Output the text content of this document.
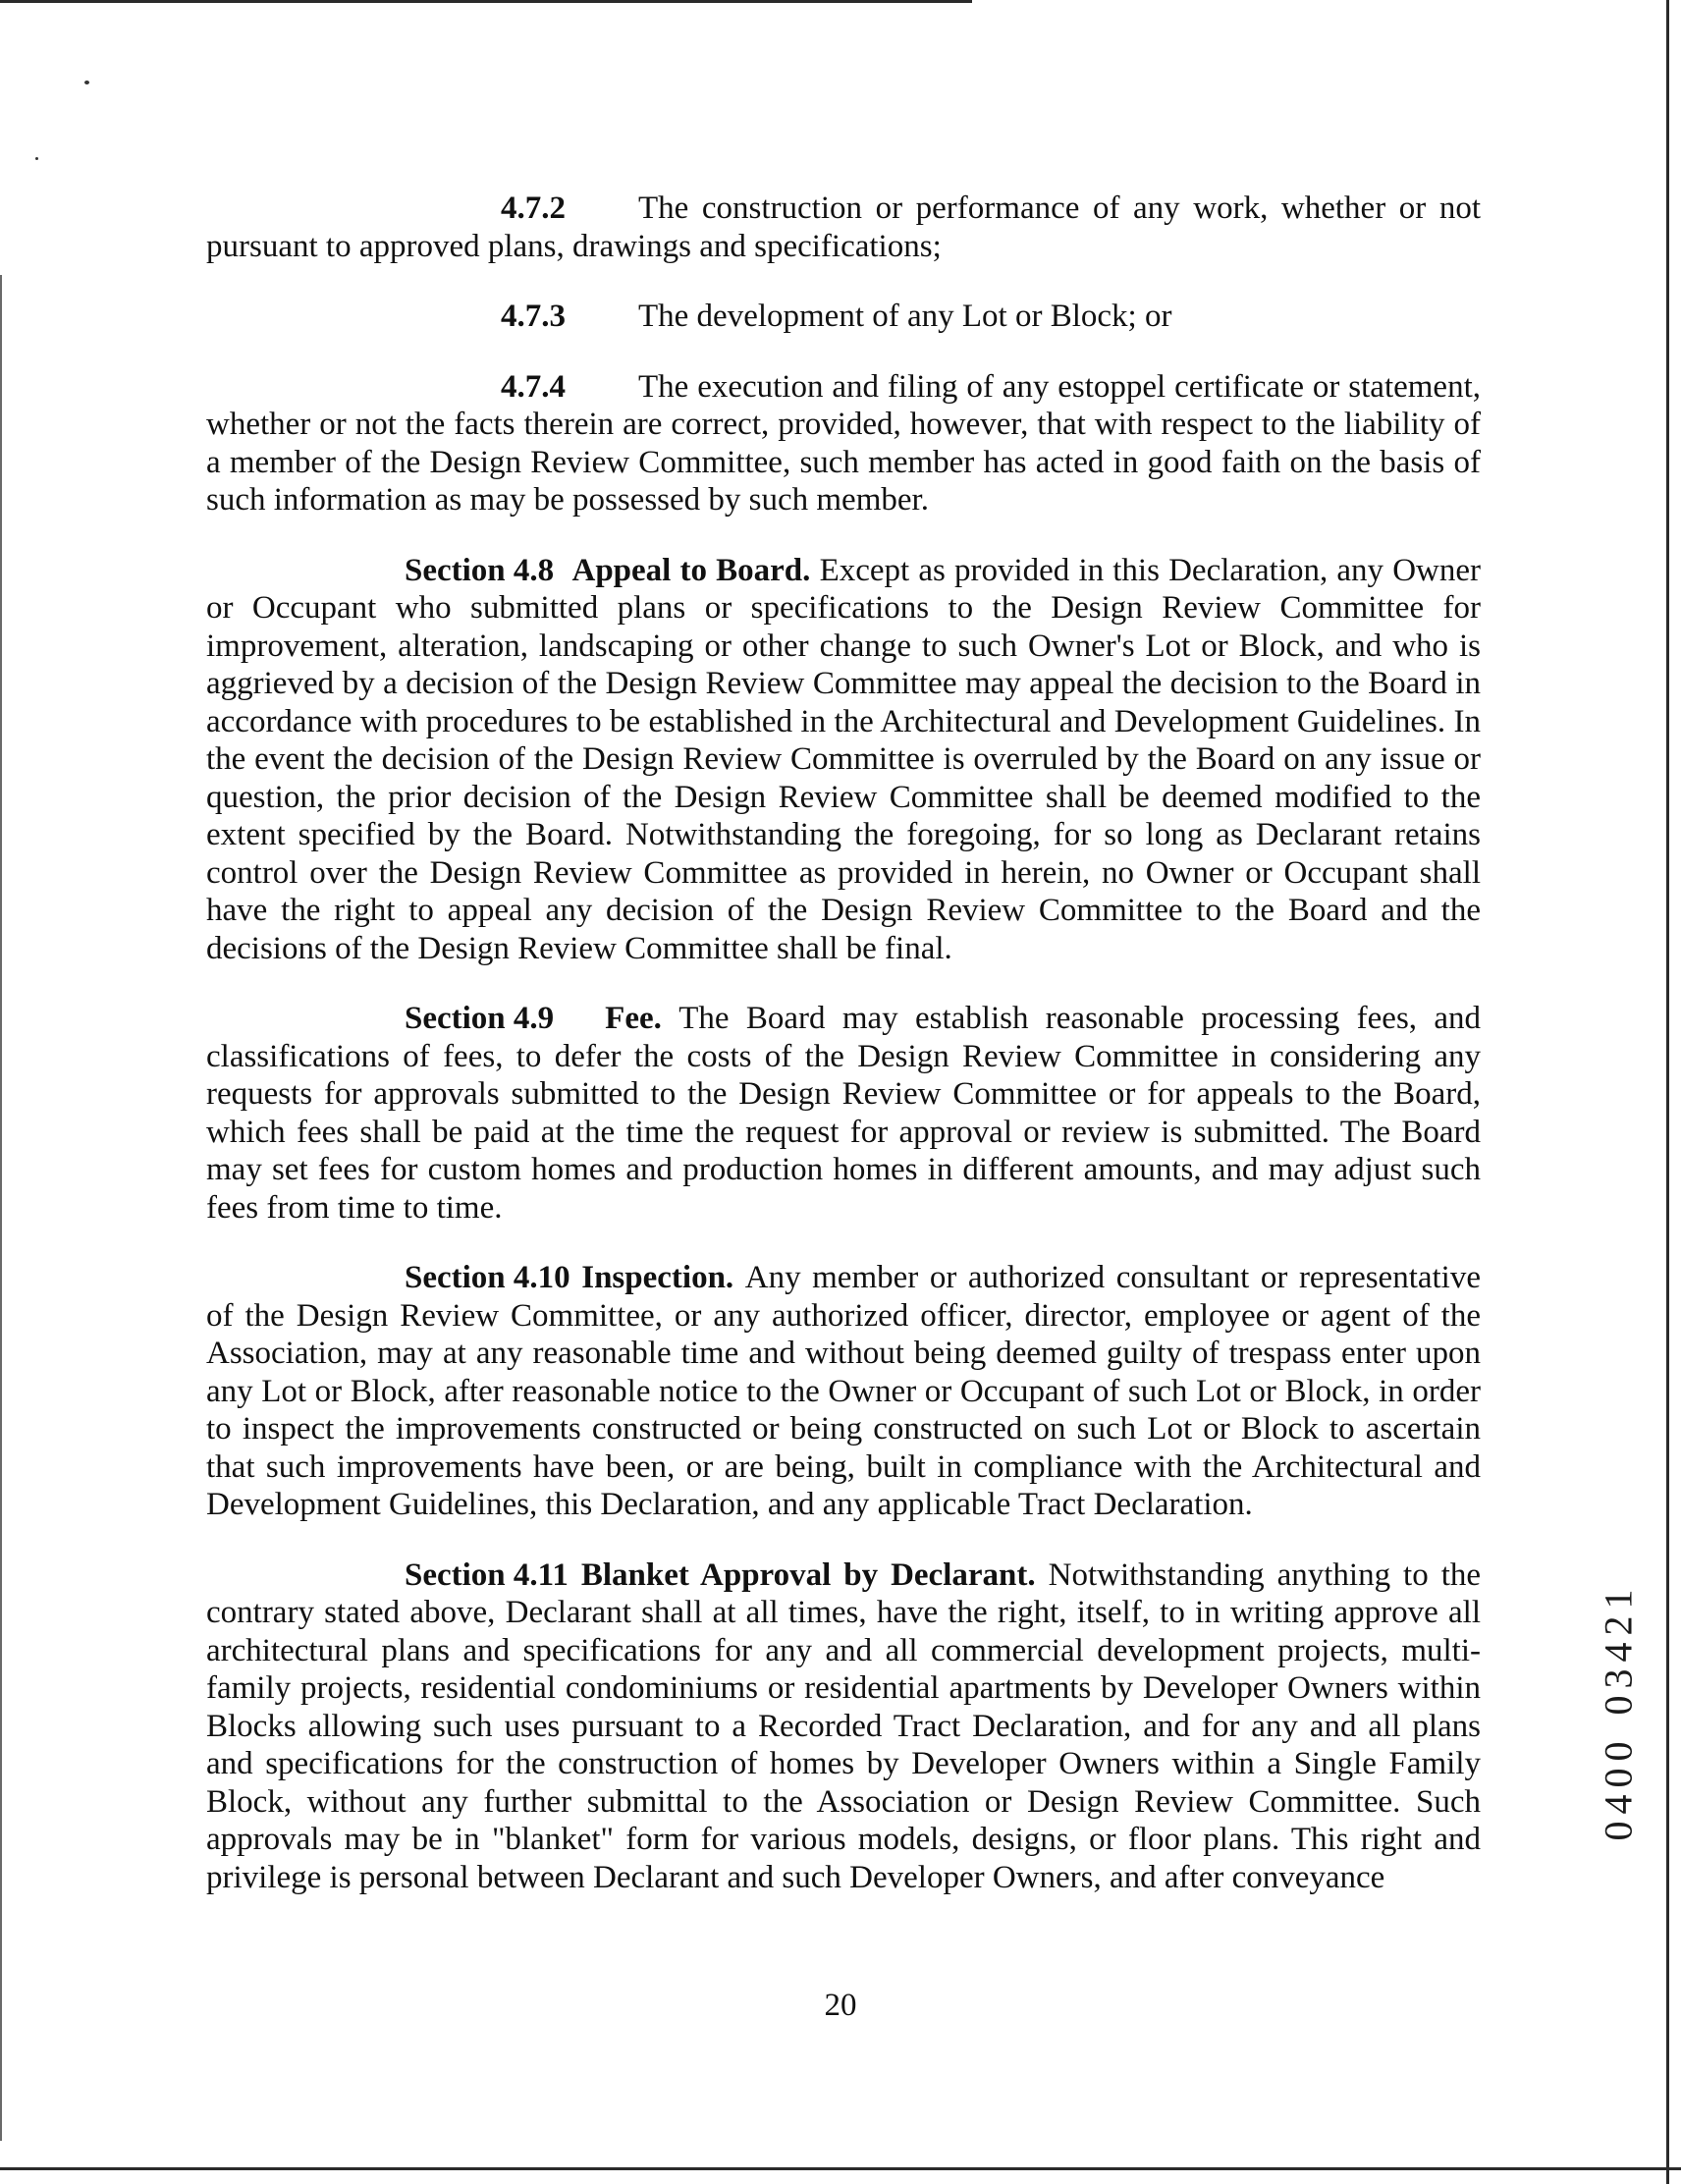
4.7.2 The construction or performance of any work, whether or not pursuant to approved plans, drawings and specifications;

4.7.3 The development of any Lot or Block; or

4.7.4 The execution and filing of any estoppel certificate or statement, whether or not the facts therein are correct, provided, however, that with respect to the liability of a member of the Design Review Committee, such member has acted in good faith on the basis of such information as may be possessed by such member.

Section 4.8 Appeal to Board. Except as provided in this Declaration, any Owner or Occupant who submitted plans or specifications to the Design Review Committee for improvement, alteration, landscaping or other change to such Owner's Lot or Block, and who is aggrieved by a decision of the Design Review Committee may appeal the decision to the Board in accordance with procedures to be established in the Architectural and Development Guidelines. In the event the decision of the Design Review Committee is overruled by the Board on any issue or question, the prior decision of the Design Review Committee shall be deemed modified to the extent specified by the Board. Notwithstanding the foregoing, for so long as Declarant retains control over the Design Review Committee as provided in herein, no Owner or Occupant shall have the right to appeal any decision of the Design Review Committee to the Board and the decisions of the Design Review Committee shall be final.

Section 4.9 Fee. The Board may establish reasonable processing fees, and classifications of fees, to defer the costs of the Design Review Committee in considering any requests for approvals submitted to the Design Review Committee or for appeals to the Board, which fees shall be paid at the time the request for approval or review is submitted. The Board may set fees for custom homes and production homes in different amounts, and may adjust such fees from time to time.

Section 4.10 Inspection. Any member or authorized consultant or representative of the Design Review Committee, or any authorized officer, director, employee or agent of the Association, may at any reasonable time and without being deemed guilty of trespass enter upon any Lot or Block, after reasonable notice to the Owner or Occupant of such Lot or Block, in order to inspect the improvements constructed or being constructed on such Lot or Block to ascertain that such improvements have been, or are being, built in compliance with the Architectural and Development Guidelines, this Declaration, and any applicable Tract Declaration.

Section 4.11 Blanket Approval by Declarant. Notwithstanding anything to the contrary stated above, Declarant shall at all times, have the right, itself, to in writing approve all architectural plans and specifications for any and all commercial development projects, multi-family projects, residential condominiums or residential apartments by Developer Owners within Blocks allowing such uses pursuant to a Recorded Tract Declaration, and for any and all plans and specifications for the construction of homes by Developer Owners within a Single Family Block, without any further submittal to the Association or Design Review Committee. Such approvals may be in "blanket" form for various models, designs, or floor plans. This right and privilege is personal between Declarant and such Developer Owners, and after conveyance

1
2
4
3
0

0
0
4
0
20
